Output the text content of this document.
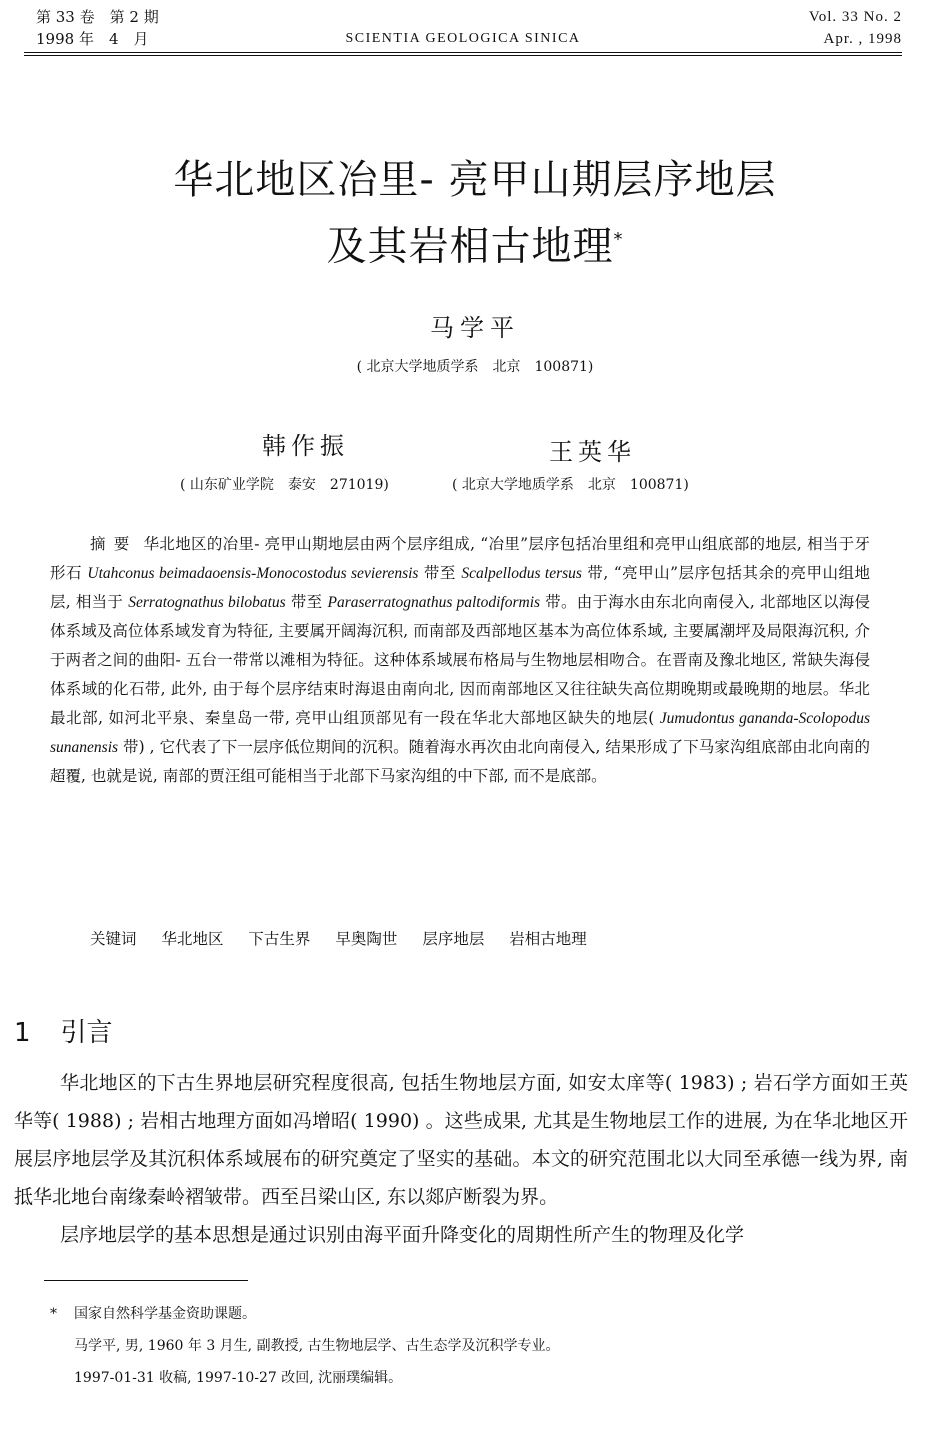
第 33 卷　第 2 期
1998 年　4　月	SCIENTIA GEOLOGICA SINICA
Vol. 33 No. 2
Apr. , 1998
华北地区冶里- 亮甲山期层序地层
及其岩相古地理*
马学平
( 北京大学地质学系　北京　100871)
韩作振	王英华
( 山东矿业学院　泰安　271019)	( 北京大学地质学系　北京　100871)
摘要 华北地区的冶里- 亮甲山期地层由两个层序组成, “冶里”层序包括冶里组和亮甲山组底部的地层, 相当于牙形石 Utahconus beimadaoensis-Monocostodus sevierensis 带至 Scalpellodus tersus 带, “亮甲山”层序包括其余的亮甲山组地层, 相当于 Serratognathus bilobatus 带至 Paraserratognathus paltodiformis 带。由于海水由东北向南侵入, 北部地区以海侵体系域及高位体系域发育为特征, 主要属开阔海沉积, 而南部及西部地区基本为高位体系域, 主要属潮坪及局限海沉积, 介于两者之间的曲阳- 五台一带常以滩相为特征。这种体系域展布格局与生物地层相吻合。在晋南及豫北地区, 常缺失海侵体系域的化石带, 此外, 由于每个层序结束时海退由南向北, 因而南部地区又往往缺失高位期晚期或最晚期的地层。华北最北部, 如河北平泉、秦皇岛一带, 亮甲山组顶部见有一段在华北大部地区缺失的地层( Jumudontus gananda-Scolopodus sunanensis 带) , 它代表了下一层序低位期间的沉积。随着海水再次由北向南侵入, 结果形成了下马家沟组底部由北向南的超覆, 也就是说, 南部的贾汪组可能相当于北部下马家沟组的中下部, 而不是底部。
关键词 华北地区 下古生界 早奥陶世 层序地层 岩相古地理
1 引言

华北地区的下古生界地层研究程度很高, 包括生物地层方面, 如安太庠等( 1983) ; 岩石学方面如王英华等( 1988) ; 岩相古地理方面如冯增昭( 1990) 。这些成果, 尤其是生物地层工作的进展, 为在华北地区开展层序地层学及其沉积体系域展布的研究奠定了坚实的基础。本文的研究范围北以大同至承德一线为界, 南抵华北地台南缘秦岭褶皱带。西至吕梁山区, 东以郯庐断裂为界。

层序地层学的基本思想是通过识别由海平面升降变化的周期性所产生的物理及化学

* 国家自然科学基金资助课题。
马学平, 男, 1960 年 3 月生, 副教授, 古生物地层学、古生态学及沉积学专业。
1997-01-31 收稿, 1997-10-27 改回, 沈丽璞编辑。
